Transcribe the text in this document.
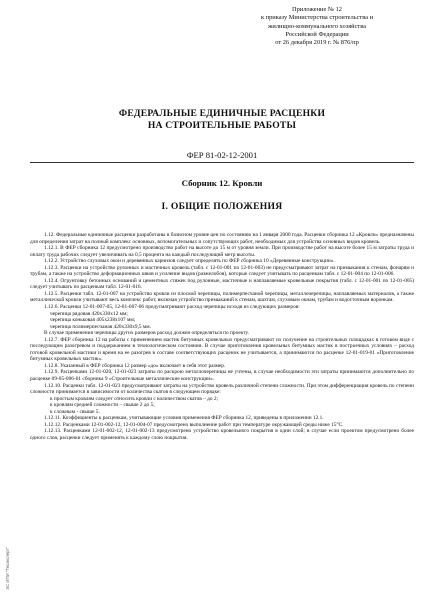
Приложение № 12
к приказу Министерства строительства и
жилищно-коммунального хозяйства
Российской Федерации
от 26 декабря 2019 г. № 876/пр
ФЕДЕРАЛЬНЫЕ ЕДИНИЧНЫЕ РАСЦЕНКИ
НА СТРОИТЕЛЬНЫЕ РАБОТЫ
ФЕР 81-02-12-2001
Сборник 12. Кровли
I. ОБЩИЕ ПОЛОЖЕНИЯ

1.12. Федеральные единичные расценки разработаны в базисном уровне цен по состоянию на 1 января 2000 года. Расценки сборника 12 «Кровли» предназначены для определения затрат на полный комплекс основных, вспомогательных и сопутствующих работ, необходимых для устройства основных видов кровель.

1.12.1. В ФЕР сборника 12 предусмотрено производство работ на высоте до 15 м от уровня земли. При производстве работ на высоте более 15 м затраты труда и оплату труда рабочих следует увеличивать на 0,5 процента на каждый последующий метр высоты.

1.12.2. Устройство слуховых окон и деревянных карнизов следует определять по ФЕР сборника 10 «Деревянные конструкции».

1.12.3. Расценки на устройство рулонных и мастичных кровель (табл. с 12-01-001 по 12-01-003) не предусматривают затрат на примыкания к стенам, фонарям и трубам, а также на устройство деформационных швов и усиление видов (разжелобов), которые следует учитывать по расценкам табл. с 12-01-004 по 12-01-006.

1.12.4. Огрунтовку бетонных оснований и цементных стяжек под рулонные, мастичные и наплавляемые кровельные покрытия (табл. с 12-01-001 по 12-01-005) следует учитывать по расценкам табл. 12-01-016.

1.12.5. Расценки табл. 12-01-007 на устройство кровли из плоской черепицы, полимерпесчаной черепицы, металлочерепицы, наплавляемых материалов, а также металлической кровли учитывают весь комплекс работ, включая устройство примыканий к стенам, шахтам, слуховым окнам, трубам и водосточным воронкам.

1.12.6. Расценки 12-01-007-05, 12-01-007-06 предусматривают расход черепицы исходя из следующих размеров:

черепица рядовая 420х330х12 мм;

черепица коньковая 405х238х107 мм;

черепица полимерпесчаная 420х330х9,5 мм.

В случае применения черепицы других размеров расход должен определяться по проекту.

1.12.7. ФЕР сборника 12 на работы с применением мастик битумных кровельных предусматривают их получение на строительных площадках в готовом виде с последующим разогревом и поддержанием в технологическом состоянии. В случае приготовления кровельных битумных мастик в построечных условиях – расход готовой кровельной мастики и время на ее разогрев в составе соответствующих расценок не учитывается, а принимаются по расценке 12-01-019-01 «Приготовление битумных кровельных мастик».

1.12.8. Указанный в ФЕР сборника 12 размер «до» включает в себя этот размер.

1.12.9. Расценками 12-01-020, 12-01-023 затраты по раскрою металлочерепицы не учтены, в случае необходимости эти затраты принимаются дополнительно по расценке 09-05-006-01 сборника 9 «Строительные металлические конструкции».

1.12.10. Расценки табл. 12-01-023 предусматривают затраты на устройство кровель различной степени сложности. При этом дифференциация кровель по степени сложности принимается в зависимости от количества скатов в следующем порядке:

к простым кровлям следует относить кровли с количеством скатов – до 2;

к кровлям средней сложности – свыше 2 до 5;

к сложным - свыше 5.

1.12.11. Коэффициенты к расценкам, учитывающие условия применения ФЕР сборника 12, приведены в приложении 12.1.

1.12.12. Расценками 12-01-002-12, 12-01-004-07 предусмотрено выполнение работ при температуре окружающей среды ниже 15°С.

1.12.13. Расценками 12-01-002-12, 12-01-002-13 предусмотрено устройство кровельного покрытия в один слой; в случае если проектом предусмотрено более одного слоя, расценки следует применять к каждому слою покрытия.

ЭС ИПИ "Техэксперт"
